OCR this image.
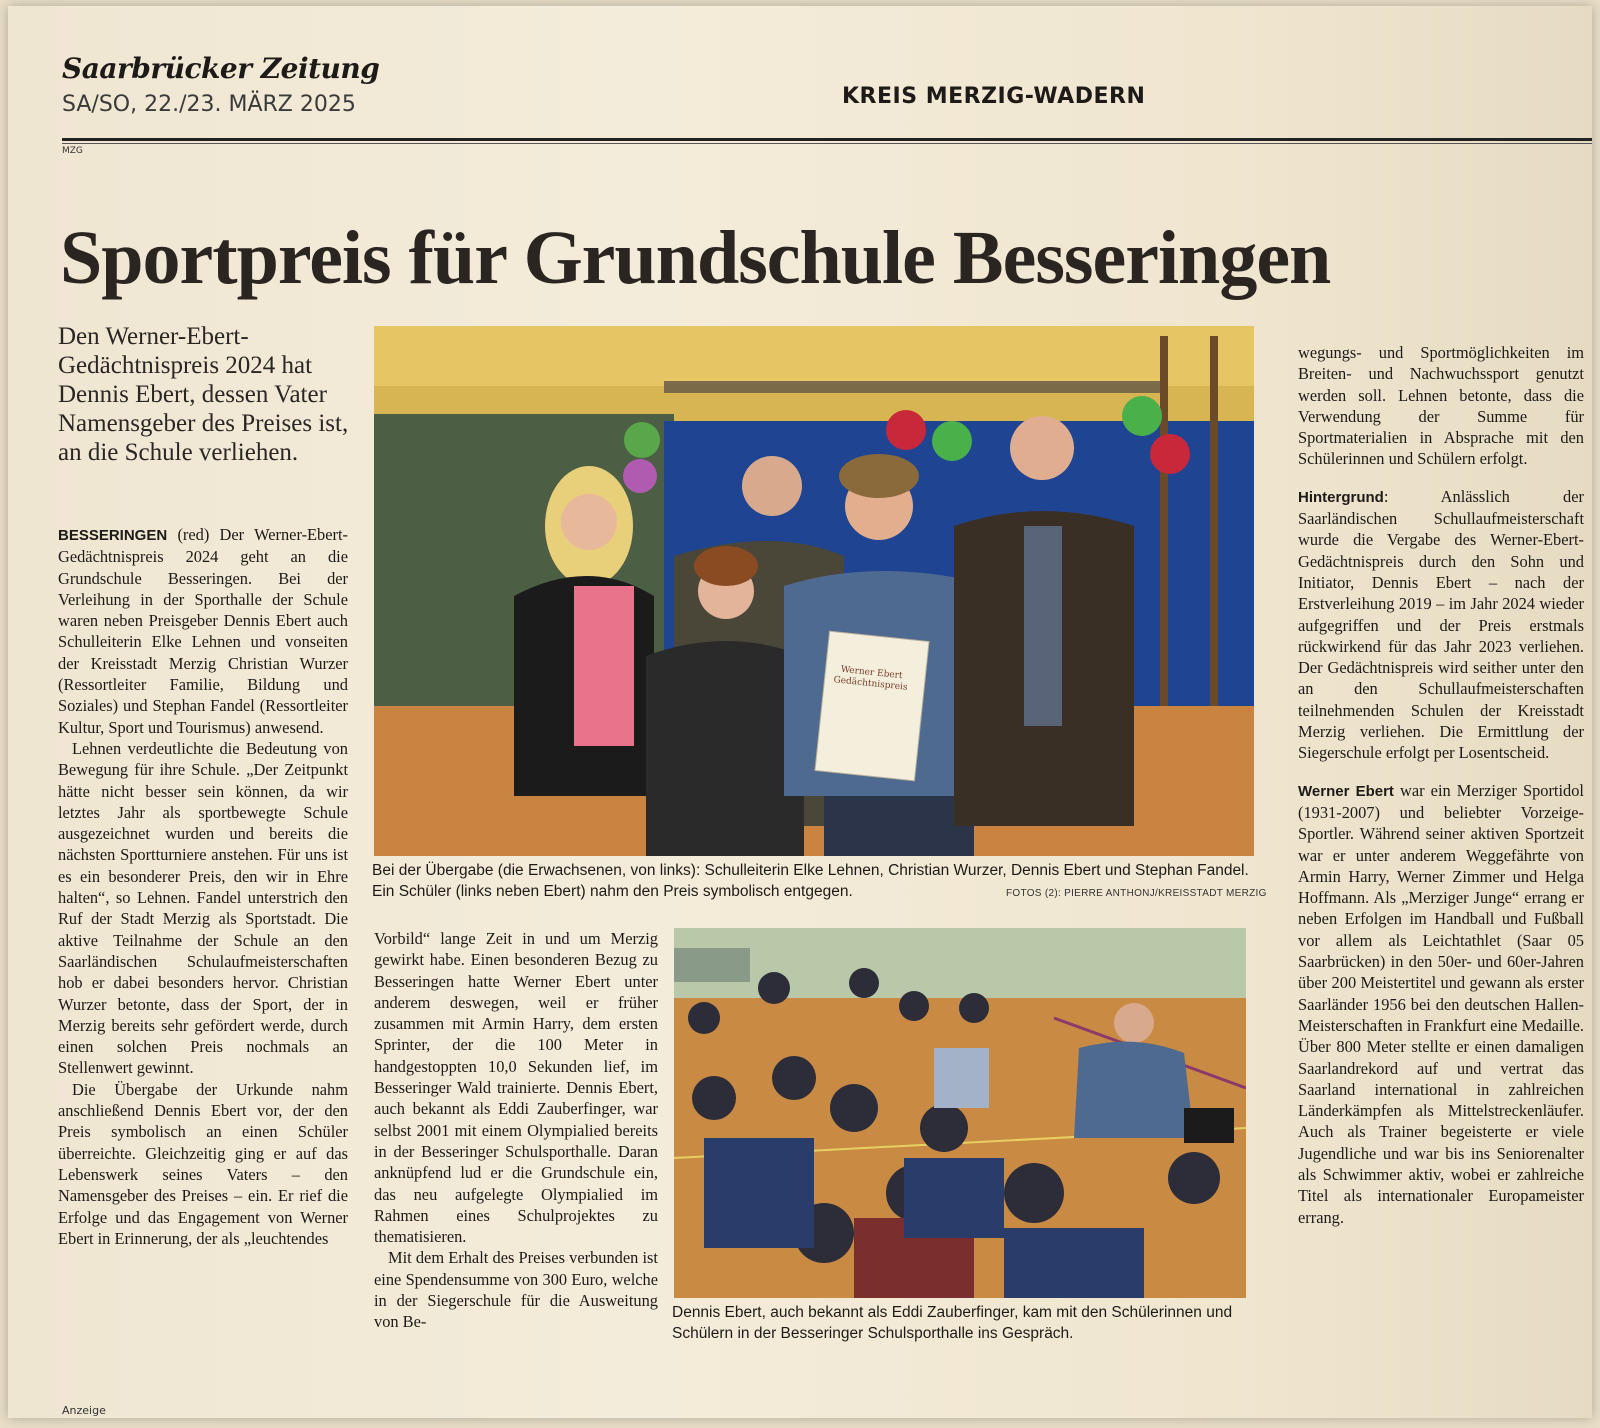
Saarbrücker Zeitung
SA/SO, 22./23. MÄRZ 2025	KREIS MERZIG-WADERN
MZG
Sportpreis für Grundschule Besseringen
Den Werner-Ebert-Gedächtnispreis 2024 hat Dennis Ebert, dessen Vater Namensgeber des Preises ist, an die Schule verliehen.

BESSERINGEN (red) Der Werner-Ebert-Gedächtnispreis 2024 geht an die Grundschule Besseringen. Bei der Verleihung in der Sporthalle der Schule waren neben Preisgeber Dennis Ebert auch Schulleiterin Elke Lehnen und vonseiten der Kreisstadt Merzig Christian Wurzer (Ressortleiter Familie, Bildung und Soziales) und Stephan Fandel (Ressortleiter Kultur, Sport und Tourismus) anwesend.

Lehnen verdeutlichte die Bedeutung von Bewegung für ihre Schule. „Der Zeitpunkt hätte nicht besser sein können, da wir letztes Jahr als sportbewegte Schule ausgezeichnet wurden und bereits die nächsten Sportturniere anstehen. Für uns ist es ein besonderer Preis, den wir in Ehre halten“, so Lehnen. Fandel unterstrich den Ruf der Stadt Merzig als Sportstadt. Die aktive Teilnahme der Schule an den Saarländischen Schulaufmeisterschaften hob er dabei besonders hervor. Christian Wurzer betonte, dass der Sport, der in Merzig bereits sehr gefördert werde, durch einen solchen Preis nochmals an Stellenwert gewinnt.

Die Übergabe der Urkunde nahm anschließend Dennis Ebert vor, der den Preis symbolisch an einen Schüler überreichte. Gleichzeitig ging er auf das Lebenswerk seines Vaters – den Namensgeber des Preises – ein. Er rief die Erfolge und das Engagement von Werner Ebert in Erinnerung, der als „leuchtendes

Werner Ebert Gedächtnispreis
Bei der Übergabe (die Erwachsenen, von links): Schulleiterin Elke Lehnen, Christian Wurzer, Dennis Ebert und Stephan Fandel. Ein Schüler (links neben Ebert) nahm den Preis symbolisch entgegen.	FOTOS (2): PIERRE ANTHONJ/KREISSTADT MERZIG

Vorbild“ lange Zeit in und um Merzig gewirkt habe. Einen besonderen Bezug zu Besseringen hatte Werner Ebert unter anderem deswegen, weil er früher zusammen mit Armin Harry, dem ersten Sprinter, der die 100 Meter in handgestoppten 10,0 Sekunden lief, im Besseringer Wald trainierte. Dennis Ebert, auch bekannt als Eddi Zauberfinger, war selbst 2001 mit einem Olympialied bereits in der Besseringer Schulsporthalle. Daran anknüpfend lud er die Grundschule ein, das neu aufgelegte Olympialied im Rahmen eines Schulprojektes zu thematisieren.

Mit dem Erhalt des Preises verbunden ist eine Spendensumme von 300 Euro, welche in der Siegerschule für die Ausweitung von Be-	Dennis Ebert, auch bekannt als Eddi Zauberfinger, kam mit den Schülerinnen und Schülern in der Besseringer Schulsporthalle ins Gespräch.

wegungs- und Sportmöglichkeiten im Breiten- und Nachwuchssport genutzt werden soll. Lehnen betonte, dass die Verwendung der Summe für Sportmaterialien in Absprache mit den Schülerinnen und Schülern erfolgt.

Hintergrund: Anlässlich der Saarländischen Schullaufmeisterschaft wurde die Vergabe des Werner-Ebert-Gedächtnispreis durch den Sohn und Initiator, Dennis Ebert – nach der Erstverleihung 2019 – im Jahr 2024 wieder aufgegriffen und der Preis erstmals rückwirkend für das Jahr 2023 verliehen. Der Gedächtnispreis wird seither unter den an den Schullaufmeisterschaften teilnehmenden Schulen der Kreisstadt Merzig verliehen. Die Ermittlung der Siegerschule erfolgt per Losentscheid.

Werner Ebert war ein Merziger Sportidol (1931-2007) und beliebter Vorzeige-Sportler. Während seiner aktiven Sportzeit war er unter anderem Weggefährte von Armin Harry, Werner Zimmer und Helga Hoffmann. Als „Merziger Junge“ errang er neben Erfolgen im Handball und Fußball vor allem als Leichtathlet (Saar 05 Saarbrücken) in den 50er- und 60er-Jahren über 200 Meistertitel und gewann als erster Saarländer 1956 bei den deutschen Hallen-Meisterschaften in Frankfurt eine Medaille. Über 800 Meter stellte er einen damaligen Saarlandrekord auf und vertrat das Saarland international in zahlreichen Länderkämpfen als Mittelstreckenläufer. Auch als Trainer begeisterte er viele Jugendliche und war bis ins Seniorenalter als Schwimmer aktiv, wobei er zahlreiche Titel als internationaler Europameister errang.

Anzeige
